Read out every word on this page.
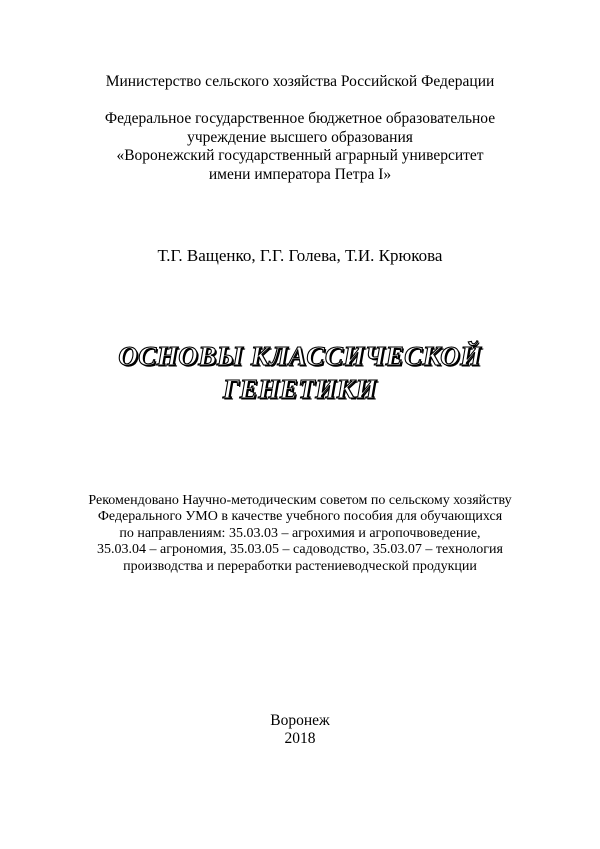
Министерство сельского хозяйства Российской Федерации
Федеральное государственное бюджетное образовательное
учреждение высшего образования
«Воронежский государственный аграрный университет
имени императора Петра I»
Т.Г. Ващенко, Г.Г. Голева, Т.И. Крюкова
ОСНОВЫ КЛАССИЧЕСКОЙ
ГЕНЕТИКИ
Рекомендовано Научно-методическим советом по сельскому хозяйству
Федерального УМО в качестве учебного пособия для обучающихся
по направлениям: 35.03.03 – агрохимия и агропочвоведение,
35.03.04 – агрономия, 35.03.05 – садоводство, 35.03.07 – технология
производства и переработки растениеводческой продукции
Воронеж
2018
